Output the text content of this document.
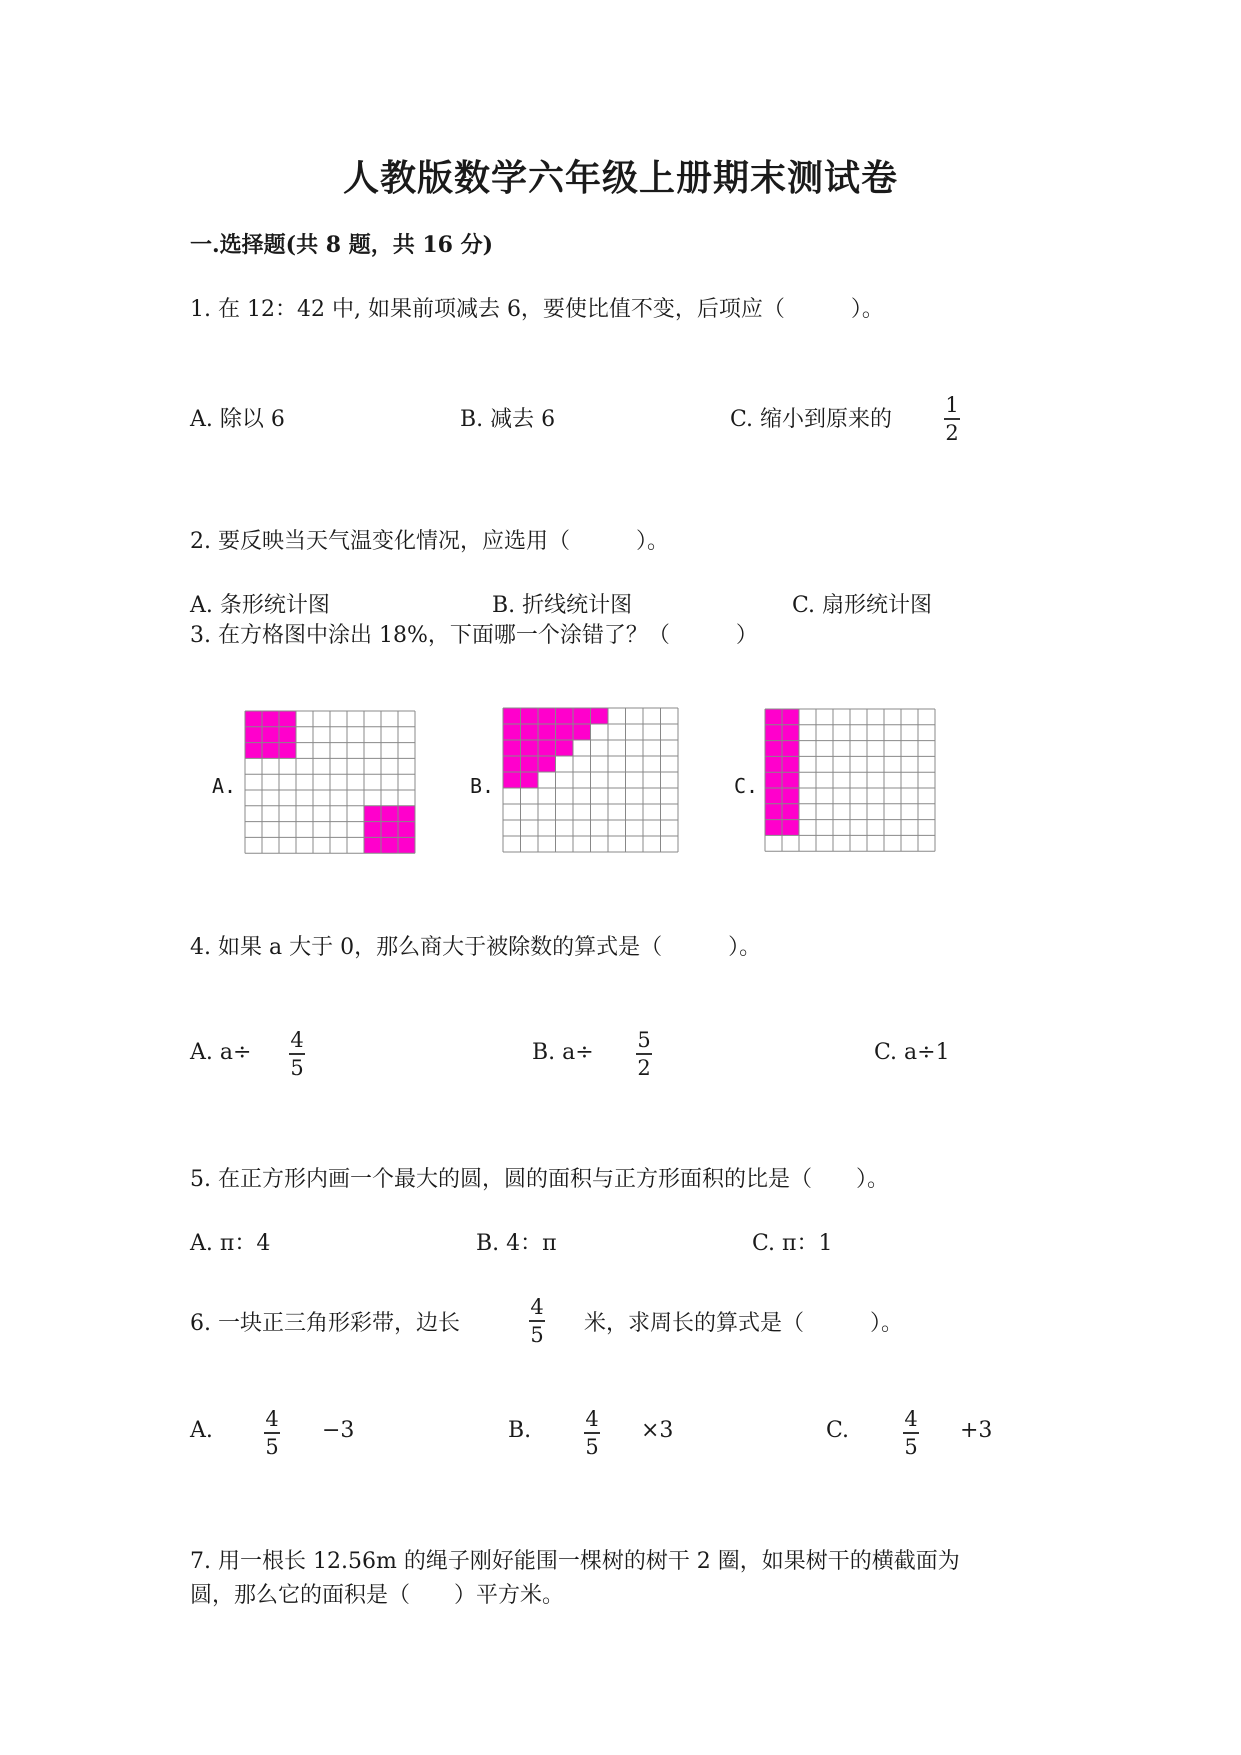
人教版数学六年级上册期末测试卷
一.选择题(共 8 题，共 16 分)
1. 在 12：42 中, 如果前项减去 6，要使比值不变，后项应（　　　）。
A. 除以 6	B. 减去 6	C. 缩小到原来的
1
2
2. 要反映当天气温变化情况，应选用（　　　）。
A. 条形统计图	B. 折线统计图	C. 扇形统计图
3. 在方格图中涂出 18%，下面哪一个涂错了？（　　　）
A.	B.	C.
4. 如果 a 大于 0，那么商大于被除数的算式是（　　　）。
A. a÷ 4
5
B. a÷ 5
2
C. a÷1
5. 在正方形内画一个最大的圆，圆的面积与正方形面积的比是（　　）。
A. π：4	B. 4：π	C. π：1
6. 一块正三角形彩带，边长
4
5 米，求周长的算式是（　　　）。
A. 4
5
−3	B.	4
5
×3	C.	4
5
+3
7. 用一根长 12.56m 的绳子刚好能围一棵树的树干 2 圈，如果树干的横截面为
圆，那么它的面积是（　　）平方米。
